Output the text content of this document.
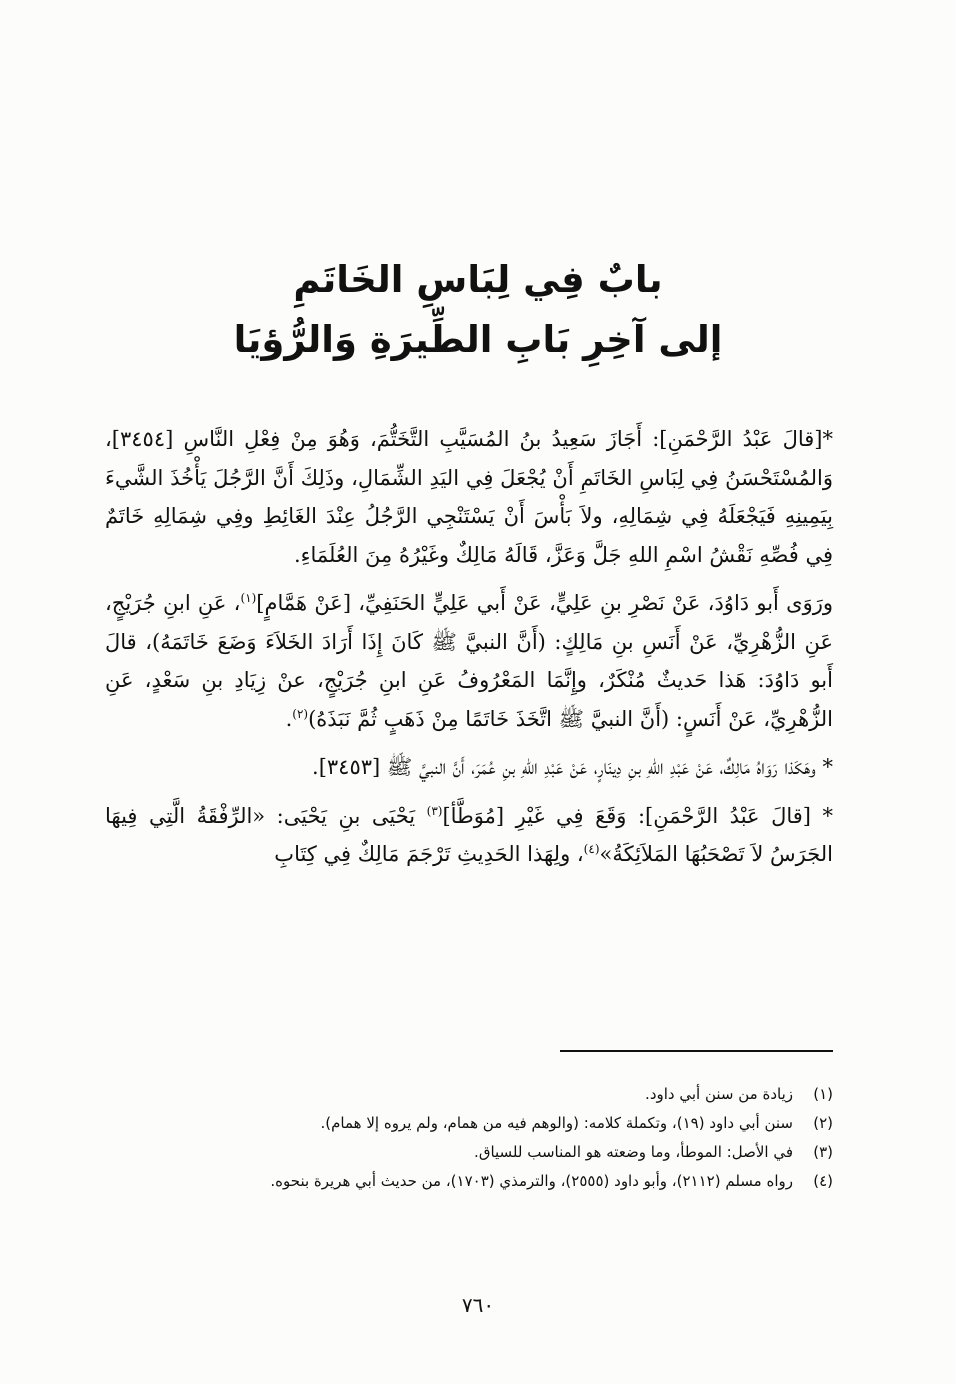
بابٌ فِي لِبَاسِ الخَاتَمِ
إلى آخِرِ بَابِ الطِّيرَةِ وَالرُّؤيَا

*[قالَ عَبْدُ الرَّحْمَنِ]: أَجَازَ سَعِيدُ بنُ المُسَيَّبِ التَّخَتُّمَ، وَهُوَ مِنْ فِعْلِ النَّاسِ [٣٤٥٤]، وَالمُسْتَحْسَنُ فِي لِبَاسِ الخَاتَمِ أَنْ يُجْعَلَ فِي اليَدِ الشِّمَالِ، وذَلِكَ أَنَّ الرَّجُلَ يَأْخُذَ الشَّيءَ بِيَمِينِهِ فَيَجْعَلَهُ فِي شِمَالِهِ، ولاَ بَأْسَ أَنْ يَسْتَنْجِي الرَّجُلُ عِنْدَ الغَائِطِ وفِي شِمَالِهِ خَاتَمٌ فِي فُصِّهِ نَقْشُ اسْمِ اللهِ جَلَّ وَعَزَّ، قَالَهُ مَالِكٌ وغَيْرُهُ مِنَ العُلَمَاءِ.

ورَوَى أَبو دَاوُدَ، عَنْ نَصْرِ بنِ عَلِيٍّ، عَنْ أَبي عَلِيٍّ الحَنَفِيِّ، [عَنْ هَمَّامٍ]$^{(١)}$، عَنِ ابنِ جُرَيْجٍ، عَنِ الزُّهْرِيِّ، عَنْ أَنَسِ بنِ مَالِكٍ: (أَنَّ النبيَّ ﷺ كَانَ إِذَا أَرَادَ الخَلاَءَ وَضَعَ خَاتَمَهُ)، قالَ أَبو دَاوُدَ: هَذا حَديثٌ مُنْكَرٌ، وإِنَّمَا المَعْرُوفُ عَنِ ابنِ جُرَيْجٍ، عنْ زِيَادِ بنِ سَعْدٍ، عَنِ الزُّهْرِيِّ، عَنْ أَنَسٍ: (أَنَّ النبيَّ ﷺ اتَّخَذَ خَاتَمًا مِنْ ذَهَبٍ ثُمَّ نَبَذَهُ)$^{(٢)}$.

* وهَكَذا رَوَاهُ مَالِكٌ، عَنْ عَبْدِ اللهِ بنِ دِينَارٍ، عَنْ عَبْدِ اللهِ بنِ عُمَرَ، أَنَّ النبيَّ ﷺ [٣٤٥٣].

* [قالَ عَبْدُ الرَّحْمَنِ]: وَقَعَ فِي غَيْرِ [مُوَطَّأ]$^{(٣)}$ يَحْيَى بنِ يَحْيَى: «الرِّفْقَةُ الَّتِي فِيهَا الجَرَسُ لاَ تَصْحَبُهَا المَلاَئِكَةُ»$^{(٤)}$، ولِهَذا الحَدِيثِ تَرْجَمَ مَالِكٌ فِي كِتَابِ

(١)
زيادة من سنن أبي داود.
(٢)
سنن أبي داود (١٩)، وتكملة كلامه: (والوهم فيه من همام، ولم يروه إلا همام).
(٣)
في الأصل: الموطأ، وما وضعته هو المناسب للسياق.
(٤)
رواه مسلم (٢١١٢)، وأبو داود (٢٥٥٥)، والترمذي (١٧٠٣)، من حديث أبي هريرة بنحوه.
٧٦٠
